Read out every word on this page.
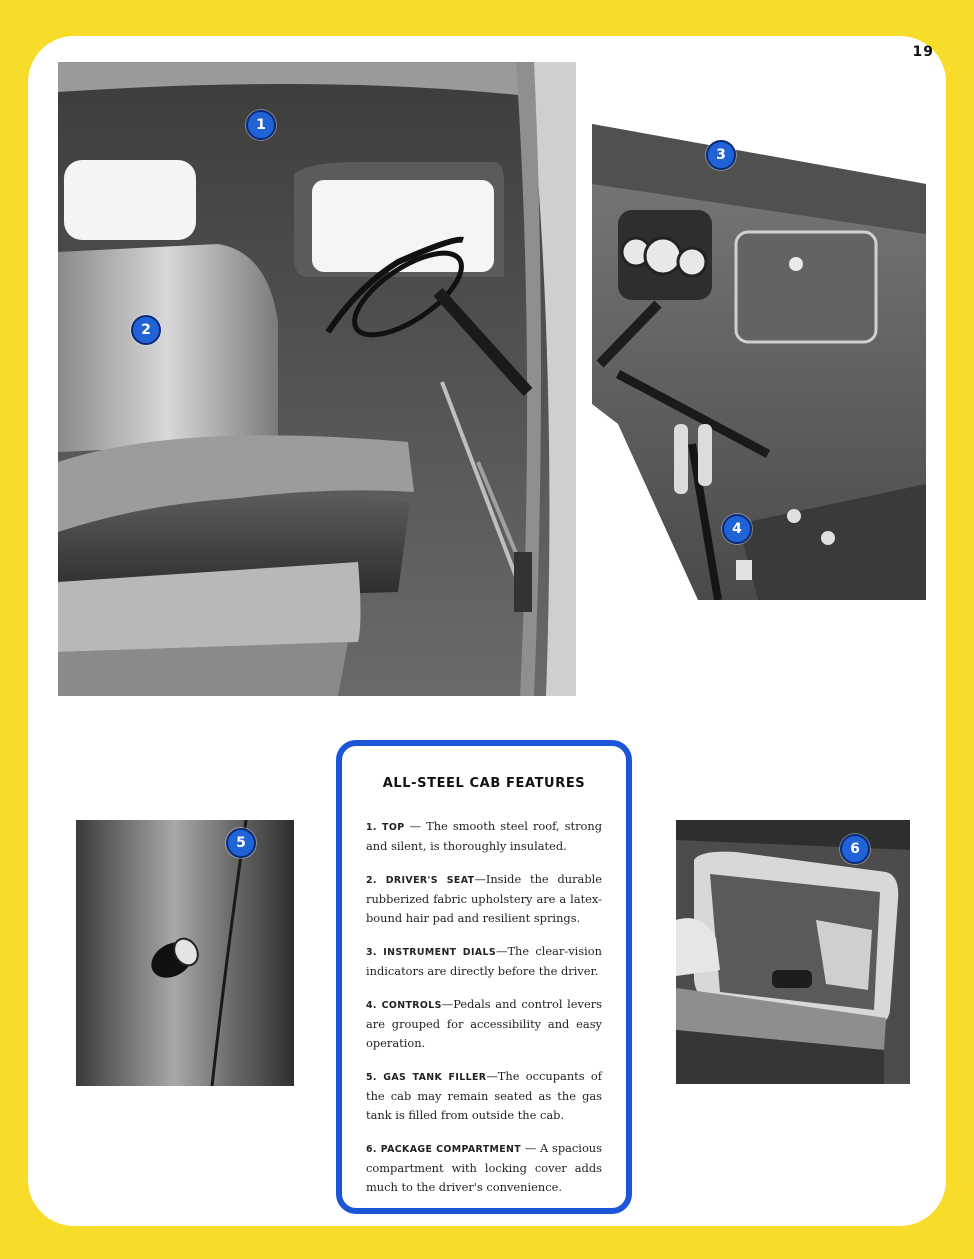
19
1
2
3
4
5	6
ALL-STEEL CAB FEATURES

1. TOP — The smooth steel roof, strong and silent, is thoroughly insulated.

2. DRIVER'S SEAT—Inside the durable rubberized fabric upholstery are a latex-bound hair pad and resilient springs.

3. INSTRUMENT DIALS—The clear-vision indicators are directly before the driver.

4. CONTROLS—Pedals and control levers are grouped for accessibility and easy operation.

5. GAS TANK FILLER—The occupants of the cab may remain seated as the gas tank is filled from outside the cab.

6. PACKAGE COMPARTMENT — A spacious compartment with locking cover adds much to the driver's convenience.
